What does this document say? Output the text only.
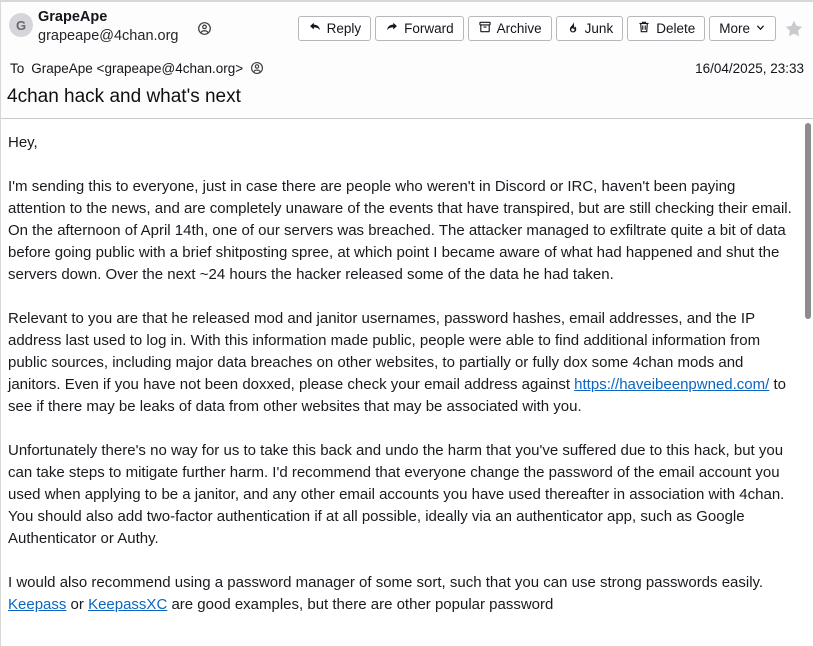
G GrapeApe
grapeape@4chan.org	Reply	Forward	Archive	Junk	Delete More
To GrapeApe <grapeape@4chan.org>	16/04/2025, 23:33
4chan hack and what's next

Hey,

I'm sending this to everyone, just in case there are people who weren't in Discord or IRC, haven't been paying attention to the news, and are completely unaware of the events that have transpired, but are still checking their email. On the afternoon of April 14th, one of our servers was breached. The attacker managed to exfiltrate quite a bit of data before going public with a brief shitposting spree, at which point I became aware of what had happened and shut the servers down. Over the next ~24 hours the hacker released some of the data he had taken.

Relevant to you are that he released mod and janitor usernames, password hashes, email addresses, and the IP address last used to log in. With this information made public, people were able to find additional information from public sources, including major data breaches on other websites, to partially or fully dox some 4chan mods and janitors. Even if you have not been doxxed, please check your email address against https://haveibeenpwned.com/ to see if there may be leaks of data from other websites that may be associated with you.

Unfortunately there's no way for us to take this back and undo the harm that you've suffered due to this hack, but you can take steps to mitigate further harm. I'd recommend that everyone change the password of the email account you used when applying to be a janitor, and any other email accounts you have used thereafter in association with 4chan. You should also add two-factor authentication if at all possible, ideally via an authenticator app, such as Google Authenticator or Authy.

I would also recommend using a password manager of some sort, such that you can use strong passwords easily. Keepass or KeepassXC are good examples, but there are other popular password
